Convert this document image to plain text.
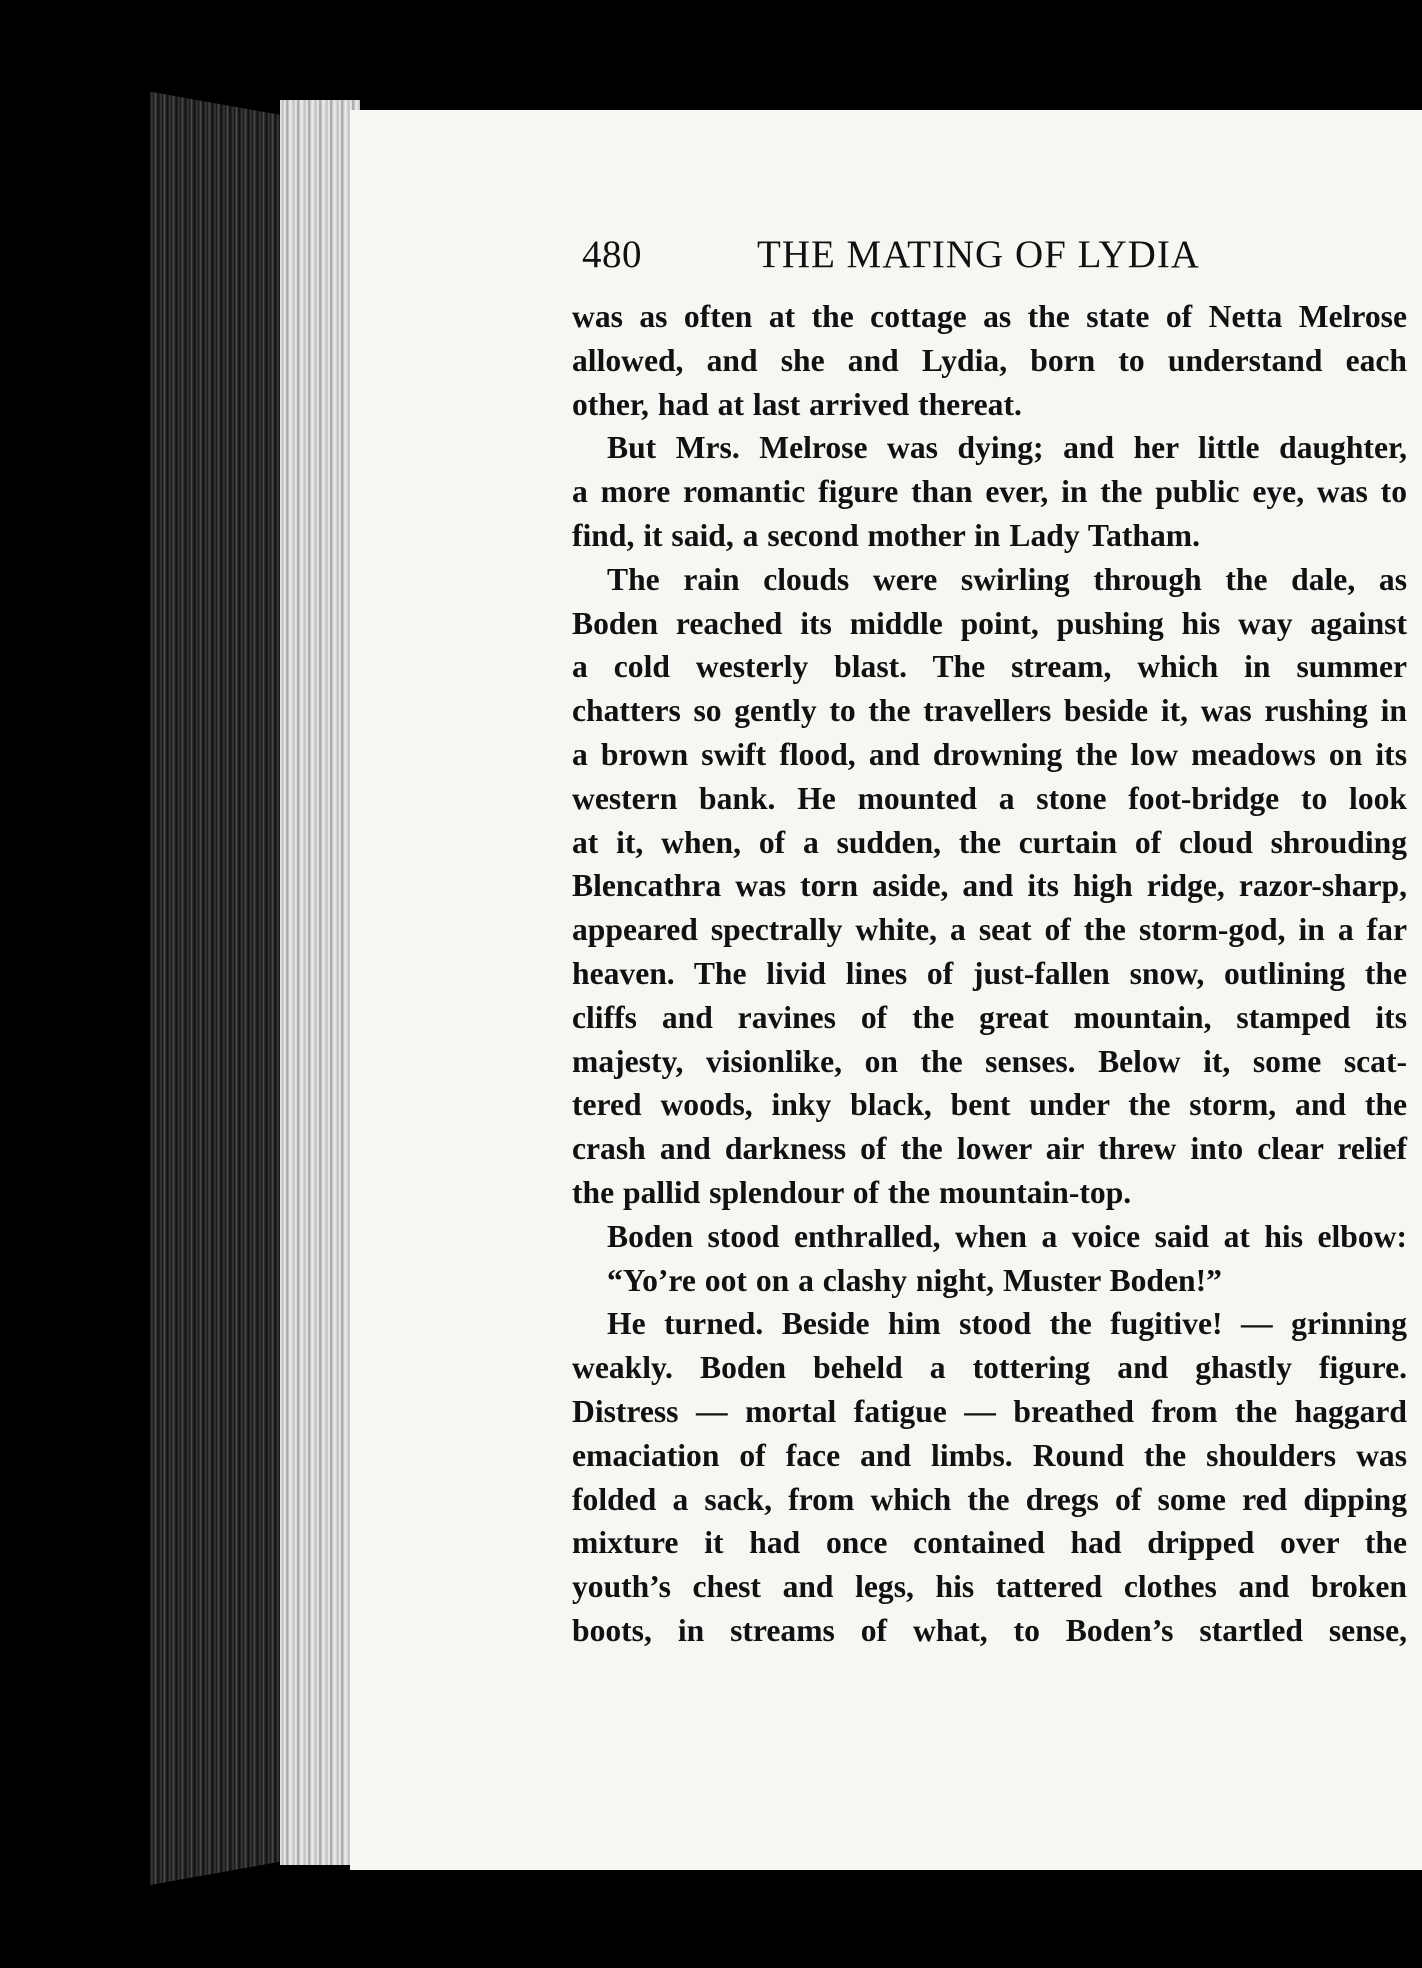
480	THE MATING OF LYDIA
was as often at the cottage as the state of Netta Melrose
allowed, and she and Lydia, born to understand each
other, had at last arrived thereat.
But Mrs. Melrose was dying; and her little daughter,
a more romantic figure than ever, in the public eye, was to
find, it said, a second mother in Lady Tatham.
The rain clouds were swirling through the dale, as
Boden reached its middle point, pushing his way against
a cold westerly blast. The stream, which in summer
chatters so gently to the travellers beside it, was rushing in
a brown swift flood, and drowning the low meadows on its
western bank. He mounted a stone foot-bridge to look
at it, when, of a sudden, the curtain of cloud shrouding
Blencathra was torn aside, and its high ridge, razor-sharp,
appeared spectrally white, a seat of the storm-god, in a far
heaven. The livid lines of just-fallen snow, outlining the
cliffs and ravines of the great mountain, stamped its
majesty, visionlike, on the senses. Below it, some scat-
tered woods, inky black, bent under the storm, and the
crash and darkness of the lower air threw into clear relief
the pallid splendour of the mountain-top.
Boden stood enthralled, when a voice said at his elbow:
“Yo’re oot on a clashy night, Muster Boden!”
He turned. Beside him stood the fugitive! — grinning
weakly. Boden beheld a tottering and ghastly figure.
Distress — mortal fatigue — breathed from the haggard
emaciation of face and limbs. Round the shoulders was
folded a sack, from which the dregs of some red dipping
mixture it had once contained had dripped over the
youth’s chest and legs, his tattered clothes and broken
boots, in streams of what, to Boden’s startled sense,
